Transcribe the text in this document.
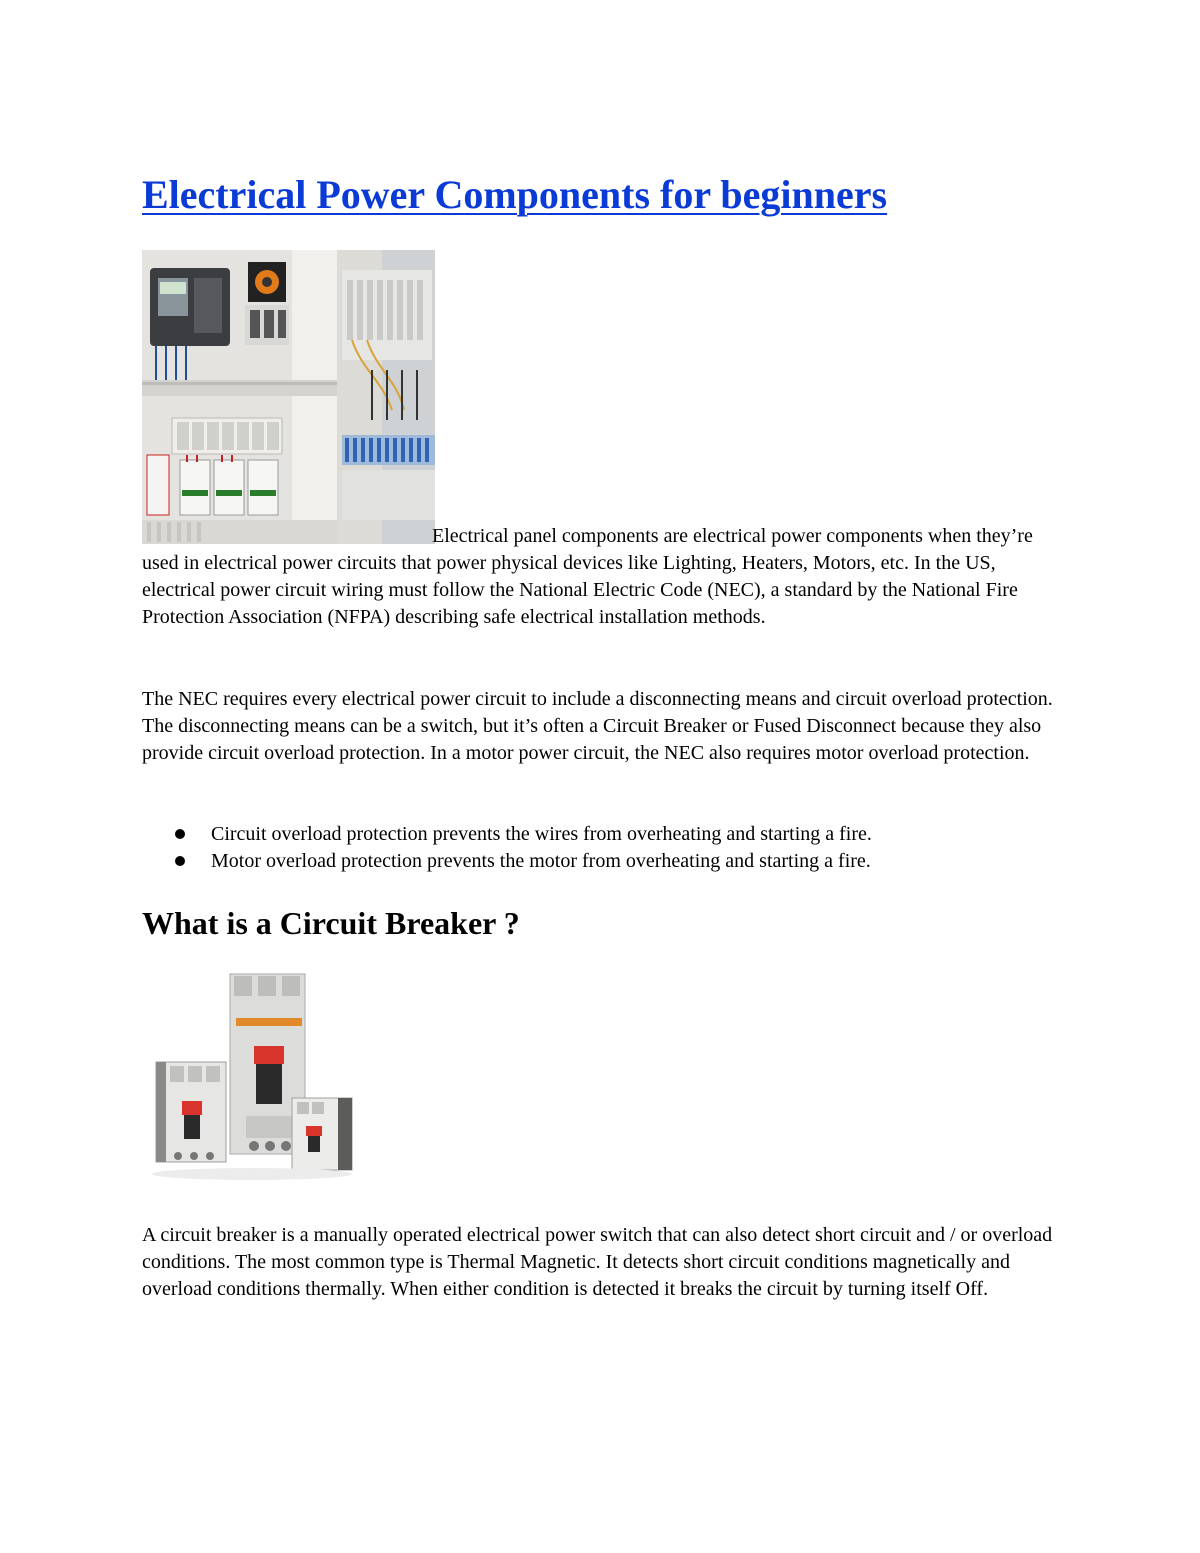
Electrical Power Components for beginners

Electrical panel components are electrical power components when they’re used in electrical power circuits that power physical devices like Lighting, Heaters, Motors, etc. In the US, electrical power circuit wiring must follow the National Electric Code (NEC), a standard by the National Fire Protection Association (NFPA) describing safe electrical installation methods.

The NEC requires every electrical power circuit to include a disconnecting means and circuit overload protection. The disconnecting means can be a switch, but it’s often a Circuit Breaker or Fused Disconnect because they also provide circuit overload protection. In a motor power circuit, the NEC also requires motor overload protection.

Circuit overload protection prevents the wires from overheating and starting a fire.
Motor overload protection prevents the motor from overheating and starting a fire.
What is a Circuit Breaker ?

A circuit breaker is a manually operated electrical power switch that can also detect short circuit and / or overload conditions. The most common type is Thermal Magnetic. It detects short circuit conditions magnetically and overload conditions thermally. When either condition is detected it breaks the circuit by turning itself Off.
